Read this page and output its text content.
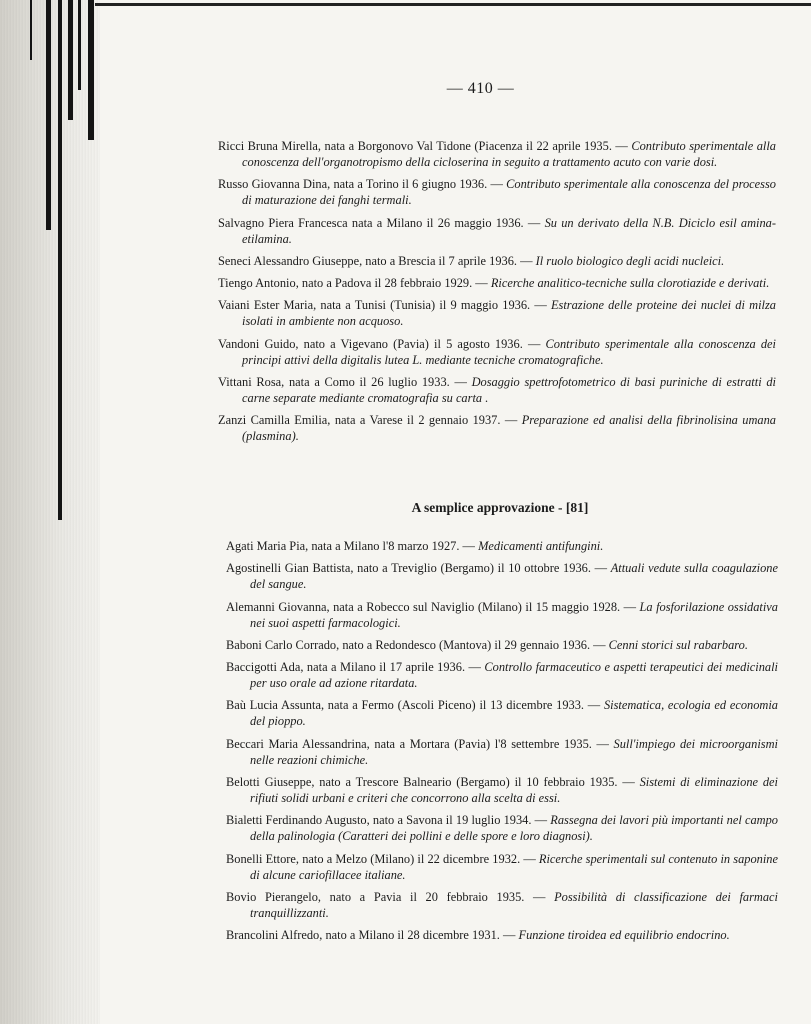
— 410 —

Ricci Bruna Mirella, nata a Borgonovo Val Tidone (Piacenza il 22 aprile 1935. — Contributo sperimentale alla conoscenza dell'organotropismo della cicloserina in seguito a trattamento acuto con varie dosi.

Russo Giovanna Dina, nata a Torino il 6 giugno 1936. — Contributo sperimentale alla conoscenza del processo di maturazione dei fanghi termali.

Salvagno Piera Francesca nata a Milano il 26 maggio 1936. — Su un derivato della N.B. Diciclo esil amina-etilamina.

Seneci Alessandro Giuseppe, nato a Brescia il 7 aprile 1936. — Il ruolo biologico degli acidi nucleici.

Tiengo Antonio, nato a Padova il 28 febbraio 1929. — Ricerche analitico-tecniche sulla clorotiazide e derivati.

Vaiani Ester Maria, nata a Tunisi (Tunisia) il 9 maggio 1936. — Estrazione delle proteine dei nuclei di milza isolati in ambiente non acquoso.

Vandoni Guido, nato a Vigevano (Pavia) il 5 agosto 1936. — Contributo sperimentale alla conoscenza dei principi attivi della digitalis lutea L. mediante tecniche cromatografiche.

Vittani Rosa, nata a Como il 26 luglio 1933. — Dosaggio spettrofotometrico di basi puriniche di estratti di carne separate mediante cromatografia su carta .

Zanzi Camilla Emilia, nata a Varese il 2 gennaio 1937. — Preparazione ed analisi della fibrinolisina umana (plasmina).

A semplice approvazione - [81]

Agati Maria Pia, nata a Milano l'8 marzo 1927. — Medicamenti antifungini.

Agostinelli Gian Battista, nato a Treviglio (Bergamo) il 10 ottobre 1936. — Attuali vedute sulla coagulazione del sangue.

Alemanni Giovanna, nata a Robecco sul Naviglio (Milano) il 15 maggio 1928. — La fosforilazione ossidativa nei suoi aspetti farmacologici.

Baboni Carlo Corrado, nato a Redondesco (Mantova) il 29 gennaio 1936. — Cenni storici sul rabarbaro.

Baccigotti Ada, nata a Milano il 17 aprile 1936. — Controllo farmaceutico e aspetti terapeutici dei medicinali per uso orale ad azione ritardata.

Baù Lucia Assunta, nata a Fermo (Ascoli Piceno) il 13 dicembre 1933. — Sistematica, ecologia ed economia del pioppo.

Beccari Maria Alessandrina, nata a Mortara (Pavia) l'8 settembre 1935. — Sull'impiego dei microorganismi nelle reazioni chimiche.

Belotti Giuseppe, nato a Trescore Balneario (Bergamo) il 10 febbraio 1935. — Sistemi di eliminazione dei rifiuti solidi urbani e criteri che concorrono alla scelta di essi.

Bialetti Ferdinando Augusto, nato a Savona il 19 luglio 1934. — Rassegna dei lavori più importanti nel campo della palinologia (Caratteri dei pollini e delle spore e loro diagnosi).

Bonelli Ettore, nato a Melzo (Milano) il 22 dicembre 1932. — Ricerche sperimentali sul contenuto in saponine di alcune cariofillacee italiane.

Bovio Pierangelo, nato a Pavia il 20 febbraio 1935. — Possibilità di classificazione dei farmaci tranquillizzanti.

Brancolini Alfredo, nato a Milano il 28 dicembre 1931. — Funzione tiroidea ed equilibrio endocrino.
